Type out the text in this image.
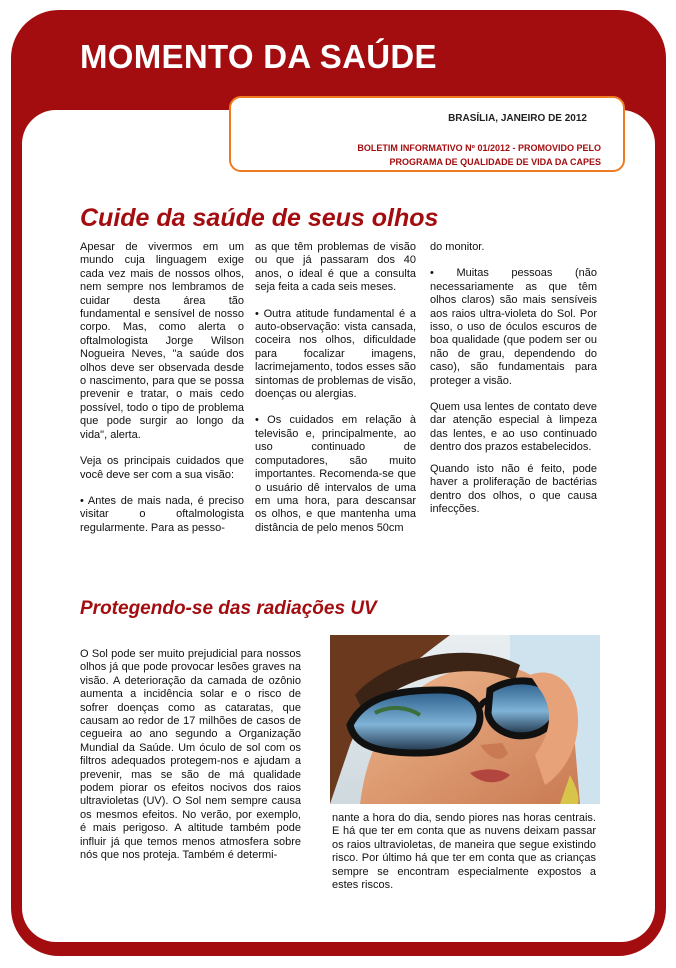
MOMENTO DA SAÚDE
BRASÍLIA, JANEIRO DE 2012
BOLETIM INFORMATIVO Nº 01/2012 - PROMOVIDO PELO
PROGRAMA DE QUALIDADE DE VIDA DA CAPES
Cuide da saúde de seus olhos

Apesar de vivermos em um mundo cuja linguagem exige cada vez mais de nossos olhos, nem sempre nos lembramos de cuidar desta área tão fundamental e sensível de nosso corpo. Mas, como alerta o oftalmologista Jorge Wilson Nogueira Neves, "a saúde dos olhos deve ser observada desde o nascimento, para que se possa prevenir e tratar, o mais cedo possível, todo o tipo de problema que pode surgir ao longo da vida", alerta.

Veja os principais cuidados que você deve ser com a sua visão:

• Antes de mais nada, é preciso visitar o oftalmologista regularmente. Para as pesso-

as que têm problemas de visão ou que já passaram dos 40 anos, o ideal é que a consulta seja feita a cada seis meses.

• Outra atitude fundamental é a auto-observação: vista cansada, coceira nos olhos, dificuldade para focalizar imagens, lacrimejamento, todos esses são sintomas de problemas de visão, doenças ou alergias.

• Os cuidados em relação à televisão e, principalmente, ao uso continuado de computadores, são muito importantes. Recomenda-se que o usuário dê intervalos de uma em uma hora, para descansar os olhos, e que mantenha uma distância de pelo menos 50cm

do monitor.

• Muitas pessoas (não necessariamente as que têm olhos claros) são mais sensíveis aos raios ultra-violeta do Sol. Por isso, o uso de óculos escuros de boa qualidade (que podem ser ou não de grau, dependendo do caso), são fundamentais para proteger a visão.

Quem usa lentes de contato deve dar atenção especial à limpeza das lentes, e ao uso continuado dentro dos prazos estabelecidos.

Quando isto não é feito, pode haver a proliferação de bactérias dentro dos olhos, o que causa infecções.

Protegendo-se das radiações UV
O Sol pode ser muito prejudicial para nossos olhos já que pode provocar lesões graves na visão. A deterioração da camada de ozônio aumenta a incidência solar e o risco de sofrer doenças como as cataratas, que causam ao redor de 17 milhões de casos de cegueira ao ano segundo a Organização Mundial da Saúde. Um óculo de sol com os filtros adequados protegem-nos e ajudam a prevenir, mas se são de má qualidade podem piorar os efeitos nocivos dos raios ultravioletas (UV). O Sol nem sempre causa os mesmos efeitos. No verão, por exemplo, é mais perigoso. A altitude também pode influir já que temos menos atmosfera sobre nós que nos proteja. Também é determi-
nante a hora do dia, sendo piores nas horas centrais. E há que ter em conta que as nuvens deixam passar os raios ultravioletas, de maneira que segue existindo risco. Por último há que ter em conta que as crianças sempre se encontram especialmente expostos a estes riscos.
